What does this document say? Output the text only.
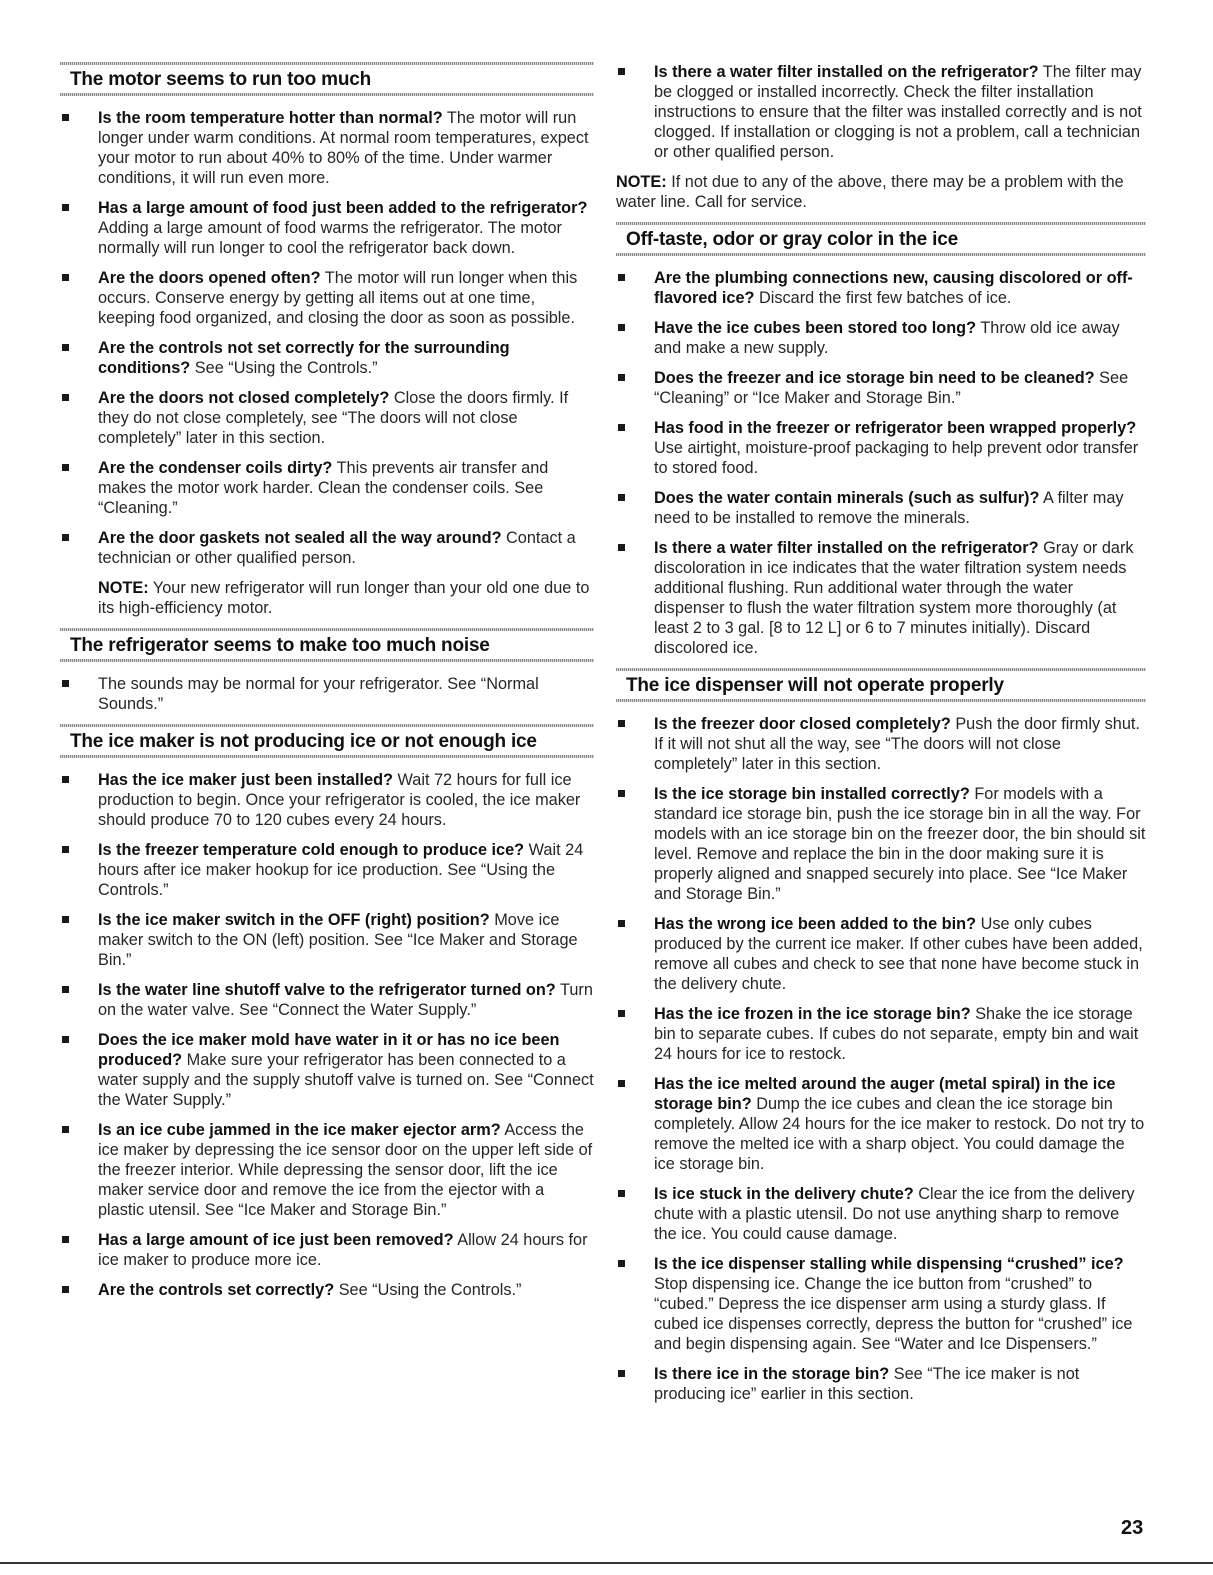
The motor seems to run too much
Is the room temperature hotter than normal? The motor will run longer under warm conditions. At normal room temperatures, expect your motor to run about 40% to 80% of the time. Under warmer conditions, it will run even more.
Has a large amount of food just been added to the refrigerator? Adding a large amount of food warms the refrigerator. The motor normally will run longer to cool the refrigerator back down.
Are the doors opened often? The motor will run longer when this occurs. Conserve energy by getting all items out at one time, keeping food organized, and closing the door as soon as possible.
Are the controls not set correctly for the surrounding conditions? See “Using the Controls.”
Are the doors not closed completely? Close the doors firmly. If they do not close completely, see “The doors will not close completely” later in this section.
Are the condenser coils dirty? This prevents air transfer and makes the motor work harder. Clean the condenser coils. See “Cleaning.”
Are the door gaskets not sealed all the way around? Contact a technician or other qualified person.

NOTE: Your new refrigerator will run longer than your old one due to its high-efficiency motor.

The refrigerator seems to make too much noise
The sounds may be normal for your refrigerator. See “Normal Sounds.”
The ice maker is not producing ice or not enough ice
Has the ice maker just been installed? Wait 72 hours for full ice production to begin. Once your refrigerator is cooled, the ice maker should produce 70 to 120 cubes every 24 hours.
Is the freezer temperature cold enough to produce ice? Wait 24 hours after ice maker hookup for ice production. See “Using the Controls.”
Is the ice maker switch in the OFF (right) position? Move ice maker switch to the ON (left) position. See “Ice Maker and Storage Bin.”
Is the water line shutoff valve to the refrigerator turned on? Turn on the water valve. See “Connect the Water Supply.”
Does the ice maker mold have water in it or has no ice been produced? Make sure your refrigerator has been connected to a water supply and the supply shutoff valve is turned on. See “Connect the Water Supply.”
Is an ice cube jammed in the ice maker ejector arm? Access the ice maker by depressing the ice sensor door on the upper left side of the freezer interior. While depressing the sensor door, lift the ice maker service door and remove the ice from the ejector with a plastic utensil. See “Ice Maker and Storage Bin.”
Has a large amount of ice just been removed? Allow 24 hours for ice maker to produce more ice.
Are the controls set correctly? See “Using the Controls.”
Is there a water filter installed on the refrigerator? The filter may be clogged or installed incorrectly. Check the filter installation instructions to ensure that the filter was installed correctly and is not clogged. If installation or clogging is not a problem, call a technician or other qualified person.

NOTE: If not due to any of the above, there may be a problem with the water line. Call for service.

Off-taste, odor or gray color in the ice
Are the plumbing connections new, causing discolored or off-flavored ice? Discard the first few batches of ice.
Have the ice cubes been stored too long? Throw old ice away and make a new supply.
Does the freezer and ice storage bin need to be cleaned? See “Cleaning” or “Ice Maker and Storage Bin.”
Has food in the freezer or refrigerator been wrapped properly? Use airtight, moisture-proof packaging to help prevent odor transfer to stored food.
Does the water contain minerals (such as sulfur)? A filter may need to be installed to remove the minerals.
Is there a water filter installed on the refrigerator? Gray or dark discoloration in ice indicates that the water filtration system needs additional flushing. Run additional water through the water dispenser to flush the water filtration system more thoroughly (at least 2 to 3 gal. [8 to 12 L] or 6 to 7 minutes initially). Discard discolored ice.
The ice dispenser will not operate properly
Is the freezer door closed completely? Push the door firmly shut. If it will not shut all the way, see “The doors will not close completely” later in this section.
Is the ice storage bin installed correctly? For models with a standard ice storage bin, push the ice storage bin in all the way. For models with an ice storage bin on the freezer door, the bin should sit level. Remove and replace the bin in the door making sure it is properly aligned and snapped securely into place. See “Ice Maker and Storage Bin.”
Has the wrong ice been added to the bin? Use only cubes produced by the current ice maker. If other cubes have been added, remove all cubes and check to see that none have become stuck in the delivery chute.
Has the ice frozen in the ice storage bin? Shake the ice storage bin to separate cubes. If cubes do not separate, empty bin and wait 24 hours for ice to restock.
Has the ice melted around the auger (metal spiral) in the ice storage bin? Dump the ice cubes and clean the ice storage bin completely. Allow 24 hours for the ice maker to restock. Do not try to remove the melted ice with a sharp object. You could damage the ice storage bin.
Is ice stuck in the delivery chute? Clear the ice from the delivery chute with a plastic utensil. Do not use anything sharp to remove the ice. You could cause damage.
Is the ice dispenser stalling while dispensing “crushed” ice? Stop dispensing ice. Change the ice button from “crushed” to “cubed.” Depress the ice dispenser arm using a sturdy glass. If cubed ice dispenses correctly, depress the button for “crushed” ice and begin dispensing again. See “Water and Ice Dispensers.”
Is there ice in the storage bin? See “The ice maker is not producing ice” earlier in this section.
23
